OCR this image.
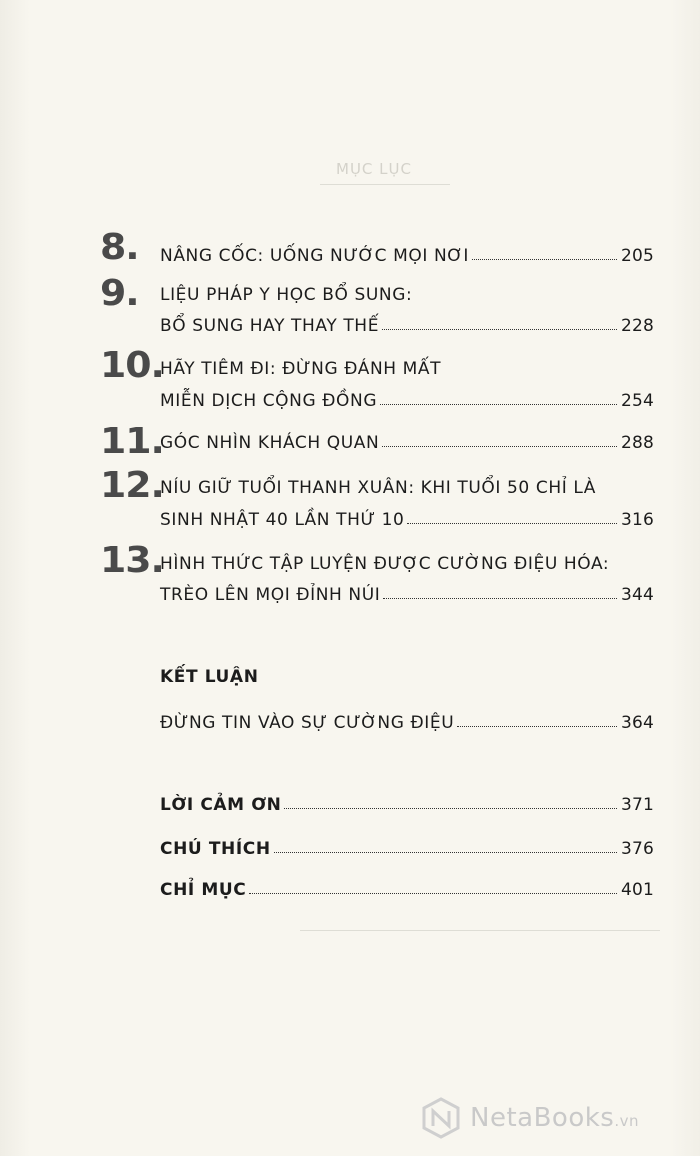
MỤC LỤC
8. NÂNG CỐC: UỐNG NƯỚC MỌI NƠI	205
9. LIỆU PHÁP Y HỌC BỔ SUNG:
BỔ SUNG HAY THAY THẾ	228
10.
HÃY TIÊM ĐI: ĐỪNG ĐÁNH MẤT
MIỄN DỊCH CỘNG ĐỒNG	254
11.
GÓC NHÌN KHÁCH QUAN	288
12.
NÍU GIỮ TUỔI THANH XUÂN: KHI TUỔI 50 CHỈ LÀ
SINH NHẬT 40 LẦN THỨ 10	316
13.
HÌNH THỨC TẬP LUYỆN ĐƯỢC CƯỜNG ĐIỆU HÓA:
TRÈO LÊN MỌI ĐỈNH NÚI	344
KẾT LUẬN
ĐỪNG TIN VÀO SỰ CƯỜNG ĐIỆU	364
LỜI CẢM ƠN	371
CHÚ THÍCH	376
CHỈ MỤC	401
NetaBooks.vn
